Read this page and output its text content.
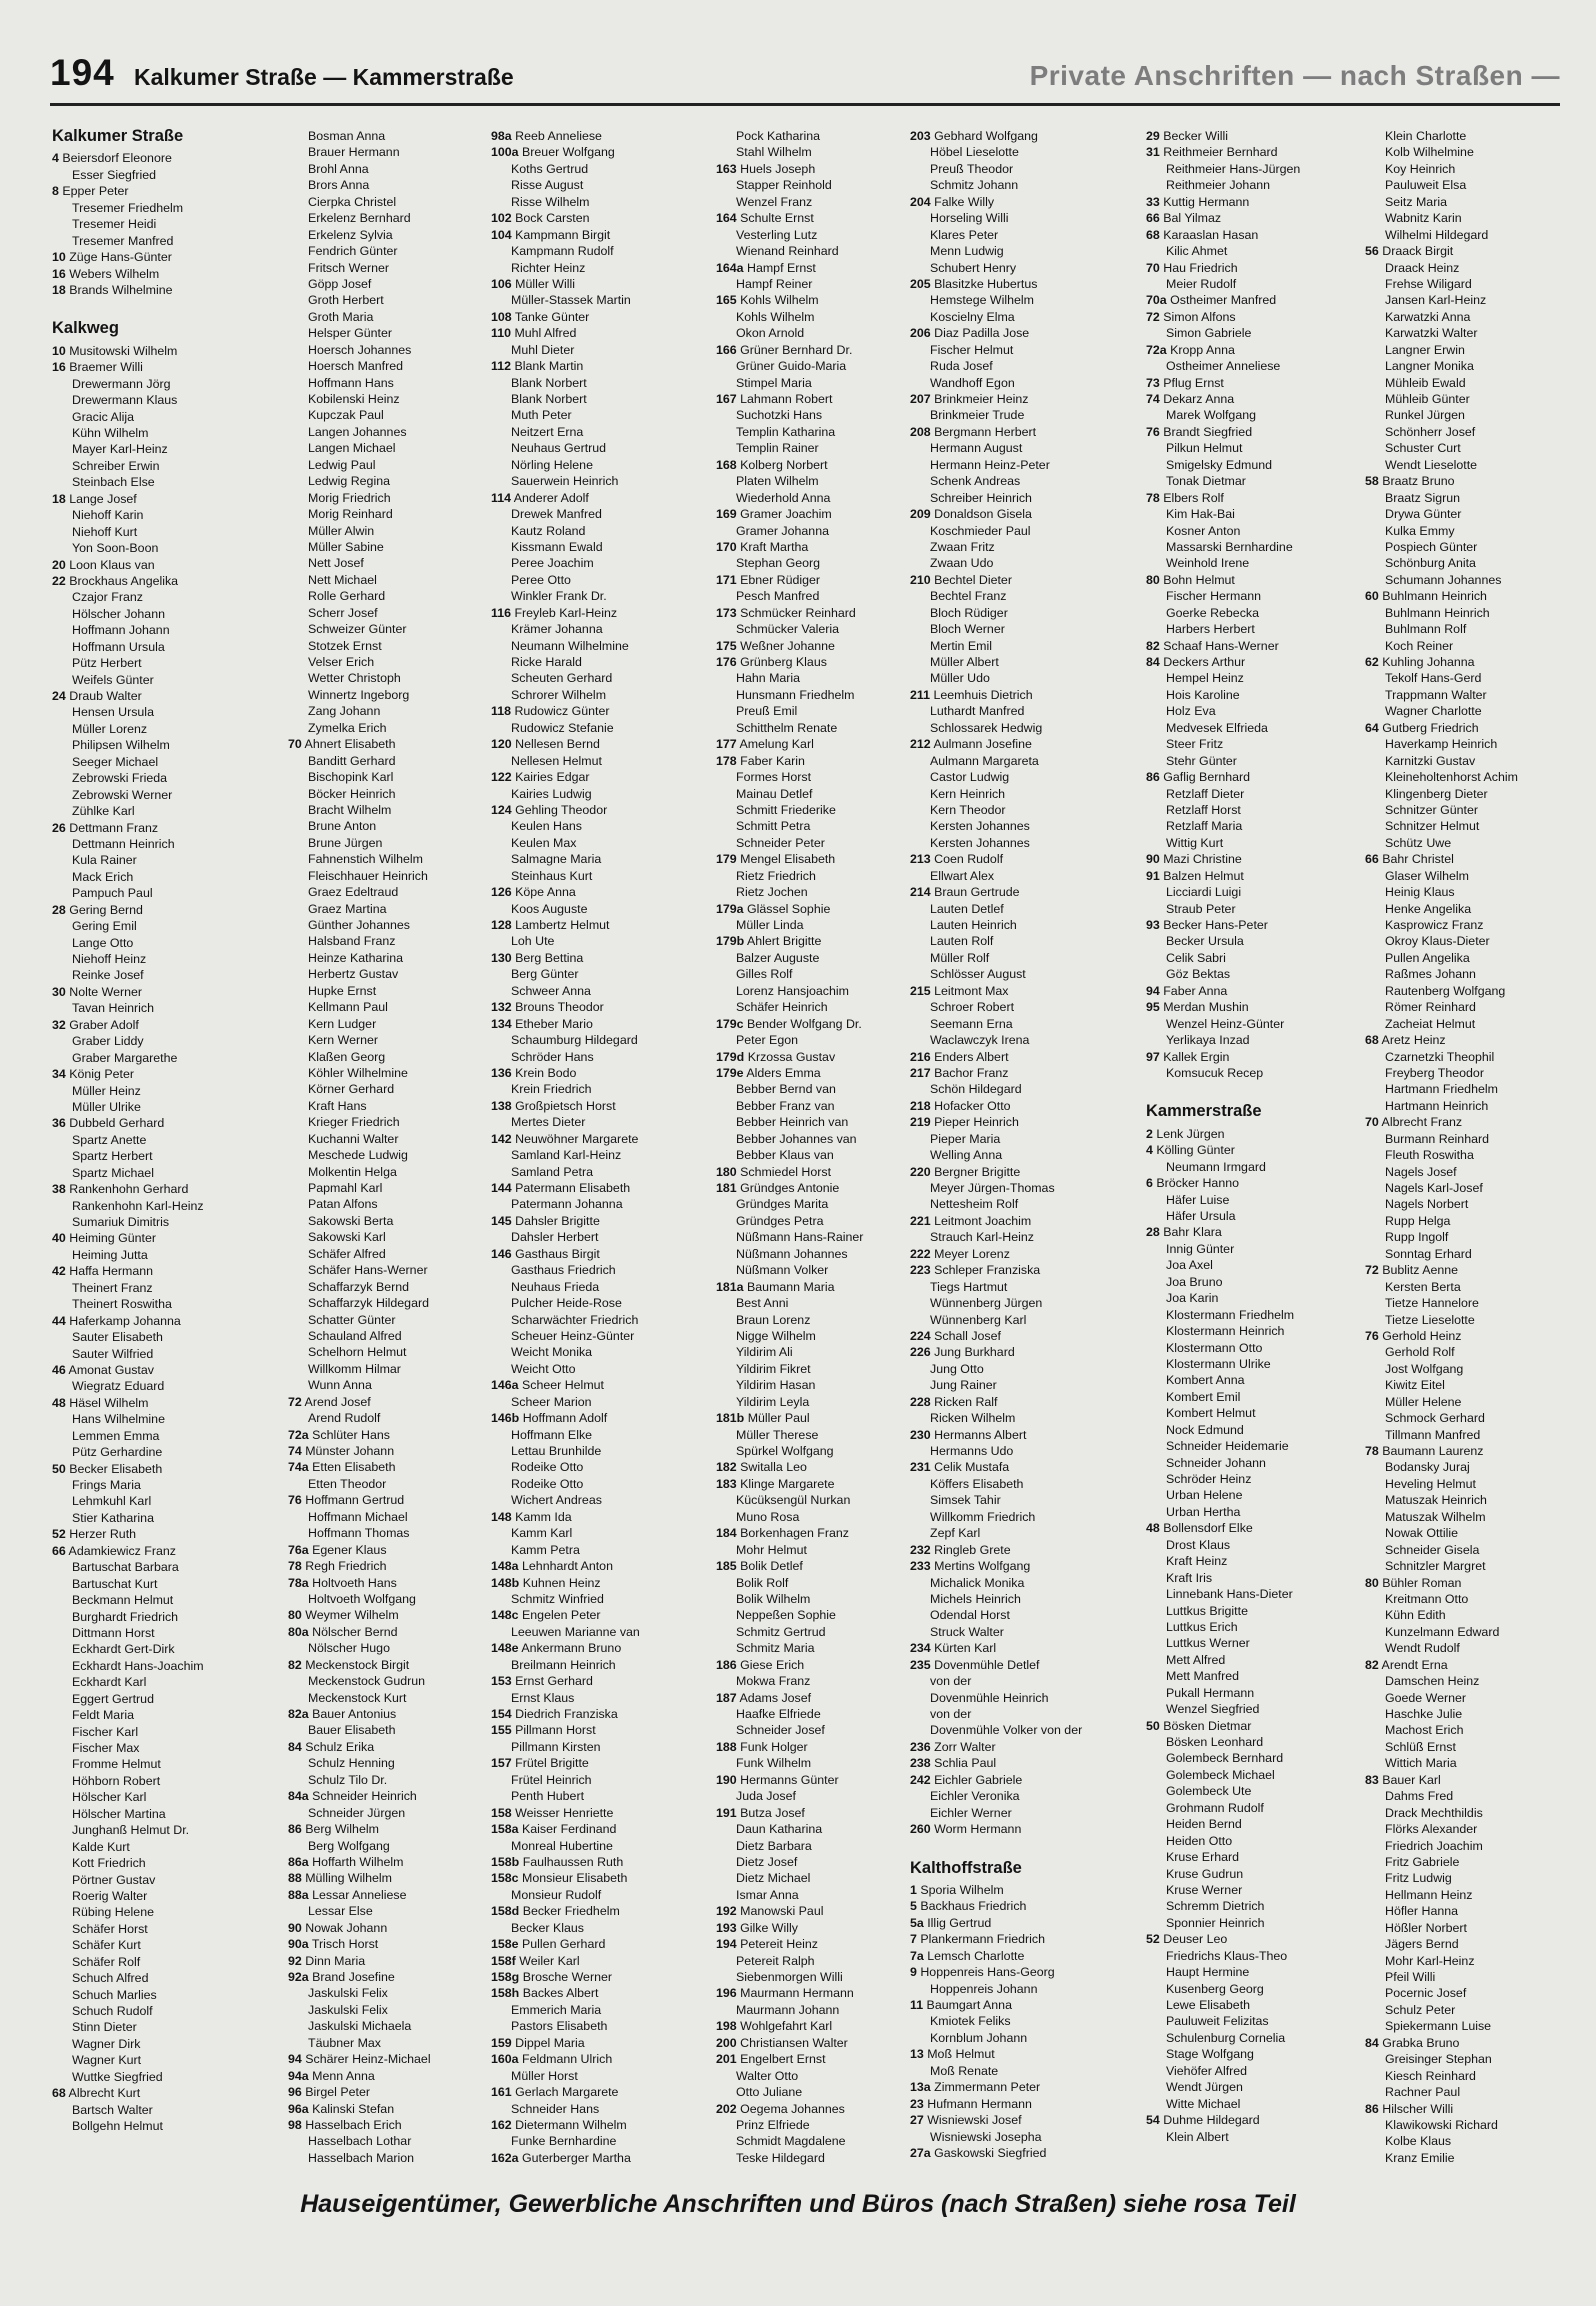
194 Kalkumer Straße — Kammerstraße	Private Anschriften — nach Straßen —
Kalkumer Straße
4 Beiersdorf Eleonore
Esser Siegfried
8 Epper Peter
Tresemer Friedhelm
Tresemer Heidi
Tresemer Manfred
10 Züge Hans-Günter
16 Webers Wilhelm
18 Brands Wilhelmine
Kalkweg
10 Musitowski Wilhelm
16 Braemer Willi
Drewermann Jörg
Drewermann Klaus
Gracic Alija
Kühn Wilhelm
Mayer Karl-Heinz
Schreiber Erwin
Steinbach Else
18 Lange Josef
Niehoff Karin
Niehoff Kurt
Yon Soon-Boon
20 Loon Klaus van
22 Brockhaus Angelika
Czajor Franz
Hölscher Johann
Hoffmann Johann
Hoffmann Ursula
Pütz Herbert
Weifels Günter
24 Draub Walter
Hensen Ursula
Müller Lorenz
Philipsen Wilhelm
Seeger Michael
Zebrowski Frieda
Zebrowski Werner
Zühlke Karl
26 Dettmann Franz
Dettmann Heinrich
Kula Rainer
Mack Erich
Pampuch Paul
28 Gering Bernd
Gering Emil
Lange Otto
Niehoff Heinz
Reinke Josef
30 Nolte Werner
Tavan Heinrich
32 Graber Adolf
Graber Liddy
Graber Margarethe
34 König Peter
Müller Heinz
Müller Ulrike
36 Dubbeld Gerhard
Spartz Anette
Spartz Herbert
Spartz Michael
38 Rankenhohn Gerhard
Rankenhohn Karl-Heinz
Sumariuk Dimitris
40 Heiming Günter
Heiming Jutta
42 Haffa Hermann
Theinert Franz
Theinert Roswitha
44 Haferkamp Johanna
Sauter Elisabeth
Sauter Wilfried
46 Amonat Gustav
Wiegratz Eduard
48 Häsel Wilhelm
Hans Wilhelmine
Lemmen Emma
Pütz Gerhardine
50 Becker Elisabeth
Frings Maria
Lehmkuhl Karl
Stier Katharina
52 Herzer Ruth
66 Adamkiewicz Franz
Bartuschat Barbara
Bartuschat Kurt
Beckmann Helmut
Burghardt Friedrich
Dittmann Horst
Eckhardt Gert-Dirk
Eckhardt Hans-Joachim
Eckhardt Karl
Eggert Gertrud
Feldt Maria
Fischer Karl
Fischer Max
Fromme Helmut
Höhborn Robert
Hölscher Karl
Hölscher Martina
Junghanß Helmut Dr.
Kalde Kurt
Kott Friedrich
Pörtner Gustav
Roerig Walter
Rübing Helene
Schäfer Horst
Schäfer Kurt
Schäfer Rolf
Schuch Alfred
Schuch Marlies
Schuch Rudolf
Stinn Dieter
Wagner Dirk
Wagner Kurt
Wuttke Siegfried
68 Albrecht Kurt
Bartsch Walter
Bollgehn Helmut
Bosman Anna
Brauer Hermann
Brohl Anna
Brors Anna
Cierpka Christel
Erkelenz Bernhard
Erkelenz Sylvia
Fendrich Günter
Fritsch Werner
Göpp Josef
Groth Herbert
Groth Maria
Helsper Günter
Hoersch Johannes
Hoersch Manfred
Hoffmann Hans
Kobilenski Heinz
Kupczak Paul
Langen Johannes
Langen Michael
Ledwig Paul
Ledwig Regina
Morig Friedrich
Morig Reinhard
Müller Alwin
Müller Sabine
Nett Josef
Nett Michael
Rolle Gerhard
Scherr Josef
Schweizer Günter
Stotzek Ernst
Velser Erich
Wetter Christoph
Winnertz Ingeborg
Zang Johann
Zymelka Erich
70 Ahnert Elisabeth
Banditt Gerhard
Bischopink Karl
Böcker Heinrich
Bracht Wilhelm
Brune Anton
Brune Jürgen
Fahnenstich Wilhelm
Fleischhauer Heinrich
Graez Edeltraud
Graez Martina
Günther Johannes
Halsband Franz
Heinze Katharina
Herbertz Gustav
Hupke Ernst
Kellmann Paul
Kern Ludger
Kern Werner
Klaßen Georg
Köhler Wilhelmine
Körner Gerhard
Kraft Hans
Krieger Friedrich
Kuchanni Walter
Meschede Ludwig
Molkentin Helga
Papmahl Karl
Patan Alfons
Sakowski Berta
Sakowski Karl
Schäfer Alfred
Schäfer Hans-Werner
Schaffarzyk Bernd
Schaffarzyk Hildegard
Schatter Günter
Schauland Alfred
Schelhorn Helmut
Willkomm Hilmar
Wunn Anna
72 Arend Josef
Arend Rudolf
72a Schlüter Hans
74 Münster Johann
74a Etten Elisabeth
Etten Theodor
76 Hoffmann Gertrud
Hoffmann Michael
Hoffmann Thomas
76a Egener Klaus
78 Regh Friedrich
78a Holtvoeth Hans
Holtvoeth Wolfgang
80 Weymer Wilhelm
80a Nölscher Bernd
Nölscher Hugo
82 Meckenstock Birgit
Meckenstock Gudrun
Meckenstock Kurt
82a Bauer Antonius
Bauer Elisabeth
84 Schulz Erika
Schulz Henning
Schulz Tilo Dr.
84a Schneider Heinrich
Schneider Jürgen
86 Berg Wilhelm
Berg Wolfgang
86a Hoffarth Wilhelm
88 Mülling Wilhelm
88a Lessar Anneliese
Lessar Else
90 Nowak Johann
90a Trisch Horst
92 Dinn Maria
92a Brand Josefine
Jaskulski Felix
Jaskulski Felix
Jaskulski Michaela
Täubner Max
94 Schärer Heinz-Michael
94a Menn Anna
96 Birgel Peter
96a Kalinski Stefan
98 Hasselbach Erich
Hasselbach Lothar
Hasselbach Marion
98a Reeb Anneliese
100a Breuer Wolfgang
Koths Gertrud
Risse August
Risse Wilhelm
102 Bock Carsten
104 Kampmann Birgit
Kampmann Rudolf
Richter Heinz
106 Müller Willi
Müller-Stassek Martin
108 Tanke Günter
110 Muhl Alfred
Muhl Dieter
112 Blank Martin
Blank Norbert
Blank Norbert
Muth Peter
Neitzert Erna
Neuhaus Gertrud
Nörling Helene
Sauerwein Heinrich
114 Anderer Adolf
Drewek Manfred
Kautz Roland
Kissmann Ewald
Peree Joachim
Peree Otto
Winkler Frank Dr.
116 Freyleb Karl-Heinz
Krämer Johanna
Neumann Wilhelmine
Ricke Harald
Scheuten Gerhard
Schrorer Wilhelm
118 Rudowicz Günter
Rudowicz Stefanie
120 Nellesen Bernd
Nellesen Helmut
122 Kairies Edgar
Kairies Ludwig
124 Gehling Theodor
Keulen Hans
Keulen Max
Salmagne Maria
Steinhaus Kurt
126 Köpe Anna
Koos Auguste
128 Lambertz Helmut
Loh Ute
130 Berg Bettina
Berg Günter
Schweer Anna
132 Brouns Theodor
134 Etheber Mario
Schaumburg Hildegard
Schröder Hans
136 Krein Bodo
Krein Friedrich
138 Großpietsch Horst
Mertes Dieter
142 Neuwöhner Margarete
Samland Karl-Heinz
Samland Petra
144 Patermann Elisabeth
Patermann Johanna
145 Dahsler Brigitte
Dahsler Herbert
146 Gasthaus Birgit
Gasthaus Friedrich
Neuhaus Frieda
Pulcher Heide-Rose
Scharwächter Friedrich
Scheuer Heinz-Günter
Weicht Monika
Weicht Otto
146a Scheer Helmut
Scheer Marion
146b Hoffmann Adolf
Hoffmann Elke
Lettau Brunhilde
Rodeike Otto
Rodeike Otto
Wichert Andreas
148 Kamm Ida
Kamm Karl
Kamm Petra
148a Lehnhardt Anton
148b Kuhnen Heinz
Schmitz Winfried
148c Engelen Peter
Leeuwen Marianne van
148e Ankermann Bruno
Breilmann Heinrich
153 Ernst Gerhard
Ernst Klaus
154 Diedrich Franziska
155 Pillmann Horst
Pillmann Kirsten
157 Frütel Brigitte
Frütel Heinrich
Penth Hubert
158 Weisser Henriette
158a Kaiser Ferdinand
Monreal Hubertine
158b Faulhaussen Ruth
158c Monsieur Elisabeth
Monsieur Rudolf
158d Becker Friedhelm
Becker Klaus
158e Pullen Gerhard
158f Weiler Karl
158g Brosche Werner
158h Backes Albert
Emmerich Maria
Pastors Elisabeth
159 Dippel Maria
160a Feldmann Ulrich
Müller Horst
161 Gerlach Margarete
Schneider Hans
162 Dietermann Wilhelm
Funke Bernhardine
162a Guterberger Martha
Pock Katharina
Stahl Wilhelm
163 Huels Joseph
Stapper Reinhold
Wenzel Franz
164 Schulte Ernst
Vesterling Lutz
Wienand Reinhard
164a Hampf Ernst
Hampf Reiner
165 Kohls Wilhelm
Kohls Wilhelm
Okon Arnold
166 Grüner Bernhard Dr.
Grüner Guido-Maria
Stimpel Maria
167 Lahmann Robert
Suchotzki Hans
Templin Katharina
Templin Rainer
168 Kolberg Norbert
Platen Wilhelm
Wiederhold Anna
169 Gramer Joachim
Gramer Johanna
170 Kraft Martha
Stephan Georg
171 Ebner Rüdiger
Pesch Manfred
173 Schmücker Reinhard
Schmücker Valeria
175 Weßner Johanne
176 Grünberg Klaus
Hahn Maria
Hunsmann Friedhelm
Preuß Emil
Schitthelm Renate
177 Amelung Karl
178 Faber Karin
Formes Horst
Mainau Detlef
Schmitt Friederike
Schmitt Petra
Schneider Peter
179 Mengel Elisabeth
Rietz Friedrich
Rietz Jochen
179a Glässel Sophie
Müller Linda
179b Ahlert Brigitte
Balzer Auguste
Gilles Rolf
Lorenz Hansjoachim
Schäfer Heinrich
179c Bender Wolfgang Dr.
Peter Egon
179d Krzossa Gustav
179e Alders Emma
Bebber Bernd van
Bebber Franz van
Bebber Heinrich van
Bebber Johannes van
Bebber Klaus van
180 Schmiedel Horst
181 Gründges Antonie
Gründges Marita
Gründges Petra
Nüßmann Hans-Rainer
Nüßmann Johannes
Nüßmann Volker
181a Baumann Maria
Best Anni
Braun Lorenz
Nigge Wilhelm
Yildirim Ali
Yildirim Fikret
Yildirim Hasan
Yildirim Leyla
181b Müller Paul
Müller Therese
Spürkel Wolfgang
182 Switalla Leo
183 Klinge Margarete
Kücüksengül Nurkan
Muno Rosa
184 Borkenhagen Franz
Mohr Helmut
185 Bolik Detlef
Bolik Rolf
Bolik Wilhelm
Neppeßen Sophie
Schmitz Gertrud
Schmitz Maria
186 Giese Erich
Mokwa Franz
187 Adams Josef
Haafke Elfriede
Schneider Josef
188 Funk Holger
Funk Wilhelm
190 Hermanns Günter
Juda Josef
191 Butza Josef
Daun Katharina
Dietz Barbara
Dietz Josef
Dietz Michael
Ismar Anna
192 Manowski Paul
193 Gilke Willy
194 Petereit Heinz
Petereit Ralph
Siebenmorgen Willi
196 Maurmann Hermann
Maurmann Johann
198 Wohlgefahrt Karl
200 Christiansen Walter
201 Engelbert Ernst
Walter Otto
Otto Juliane
202 Oegema Johannes
Prinz Elfriede
Schmidt Magdalene
Teske Hildegard
203 Gebhard Wolfgang
Höbel Lieselotte
Preuß Theodor
Schmitz Johann
204 Falke Willy
Horseling Willi
Klares Peter
Menn Ludwig
Schubert Henry
205 Blasitzke Hubertus
Hemstege Wilhelm
Koscielny Elma
206 Diaz Padilla Jose
Fischer Helmut
Ruda Josef
Wandhoff Egon
207 Brinkmeier Heinz
Brinkmeier Trude
208 Bergmann Herbert
Hermann August
Hermann Heinz-Peter
Schenk Andreas
Schreiber Heinrich
209 Donaldson Gisela
Koschmieder Paul
Zwaan Fritz
Zwaan Udo
210 Bechtel Dieter
Bechtel Franz
Bloch Rüdiger
Bloch Werner
Mertin Emil
Müller Albert
Müller Udo
211 Leemhuis Dietrich
Luthardt Manfred
Schlossarek Hedwig
212 Aulmann Josefine
Aulmann Margareta
Castor Ludwig
Kern Heinrich
Kern Theodor
Kersten Johannes
Kersten Johannes
213 Coen Rudolf
Ellwart Alex
214 Braun Gertrude
Lauten Detlef
Lauten Heinrich
Lauten Rolf
Müller Rolf
Schlösser August
215 Leitmont Max
Schroer Robert
Seemann Erna
Waclawczyk Irena
216 Enders Albert
217 Bachor Franz
Schön Hildegard
218 Hofacker Otto
219 Pieper Heinrich
Pieper Maria
Welling Anna
220 Bergner Brigitte
Meyer Jürgen-Thomas
Nettesheim Rolf
221 Leitmont Joachim
Strauch Karl-Heinz
222 Meyer Lorenz
223 Schleper Franziska
Tiegs Hartmut
Wünnenberg Jürgen
Wünnenberg Karl
224 Schall Josef
226 Jung Burkhard
Jung Otto
Jung Rainer
228 Ricken Ralf
Ricken Wilhelm
230 Hermanns Albert
Hermanns Udo
231 Celik Mustafa
Köffers Elisabeth
Simsek Tahir
Willkomm Friedrich
Zepf Karl
232 Ringleb Grete
233 Mertins Wolfgang
Michalick Monika
Michels Heinrich
Odendal Horst
Struck Walter
234 Kürten Karl
235 Dovenmühle Detlef
von der
Dovenmühle Heinrich
von der
Dovenmühle Volker von der
236 Zorr Walter
238 Schlia Paul
242 Eichler Gabriele
Eichler Veronika
Eichler Werner
260 Worm Hermann
Kalthoffstraße
1 Sporia Wilhelm
5 Backhaus Friedrich
5a Illig Gertrud
7 Plankermann Friedrich
7a Lemsch Charlotte
9 Hoppenreis Hans-Georg
Hoppenreis Johann
11 Baumgart Anna
Kmiotek Feliks
Kornblum Johann
13 Moß Helmut
Moß Renate
13a Zimmermann Peter
23 Hufmann Hermann
27 Wisniewski Josef
Wisniewski Josepha
27a Gaskowski Siegfried
29 Becker Willi
31 Reithmeier Bernhard
Reithmeier Hans-Jürgen
Reithmeier Johann
33 Kuttig Hermann
66 Bal Yilmaz
68 Karaaslan Hasan
Kilic Ahmet
70 Hau Friedrich
Meier Rudolf
70a Ostheimer Manfred
72 Simon Alfons
Simon Gabriele
72a Kropp Anna
Ostheimer Anneliese
73 Pflug Ernst
74 Dekarz Anna
Marek Wolfgang
76 Brandt Siegfried
Pilkun Helmut
Smigelsky Edmund
Tonak Dietmar
78 Elbers Rolf
Kim Hak-Bai
Kosner Anton
Massarski Bernhardine
Weinhold Irene
80 Bohn Helmut
Fischer Hermann
Goerke Rebecka
Harbers Herbert
82 Schaaf Hans-Werner
84 Deckers Arthur
Hempel Heinz
Hois Karoline
Holz Eva
Medvesek Elfrieda
Steer Fritz
Stehr Günter
86 Gaflig Bernhard
Retzlaff Dieter
Retzlaff Horst
Retzlaff Maria
Wittig Kurt
90 Mazi Christine
91 Balzen Helmut
Licciardi Luigi
Straub Peter
93 Becker Hans-Peter
Becker Ursula
Celik Sabri
Göz Bektas
94 Faber Anna
95 Merdan Mushin
Wenzel Heinz-Günter
Yerlikaya Inzad
97 Kallek Ergin
Komsucuk Recep
Kammerstraße
2 Lenk Jürgen
4 Kölling Günter
Neumann Irmgard
6 Bröcker Hanno
Häfer Luise
Häfer Ursula
28 Bahr Klara
Innig Günter
Joa Axel
Joa Bruno
Joa Karin
Klostermann Friedhelm
Klostermann Heinrich
Klostermann Otto
Klostermann Ulrike
Kombert Anna
Kombert Emil
Kombert Helmut
Nock Edmund
Schneider Heidemarie
Schneider Johann
Schröder Heinz
Urban Helene
Urban Hertha
48 Bollensdorf Elke
Drost Klaus
Kraft Heinz
Kraft Iris
Linnebank Hans-Dieter
Luttkus Brigitte
Luttkus Erich
Luttkus Werner
Mett Alfred
Mett Manfred
Pukall Hermann
Wenzel Siegfried
50 Bösken Dietmar
Bösken Leonhard
Golembeck Bernhard
Golembeck Michael
Golembeck Ute
Grohmann Rudolf
Heiden Bernd
Heiden Otto
Kruse Erhard
Kruse Gudrun
Kruse Werner
Schremm Dietrich
Sponnier Heinrich
52 Deuser Leo
Friedrichs Klaus-Theo
Haupt Hermine
Kusenberg Georg
Lewe Elisabeth
Pauluweit Felizitas
Schulenburg Cornelia
Stage Wolfgang
Viehöfer Alfred
Wendt Jürgen
Witte Michael
54 Duhme Hildegard
Klein Albert
Klein Charlotte
Kolb Wilhelmine
Koy Heinrich
Pauluweit Elsa
Seitz Maria
Wabnitz Karin
Wilhelmi Hildegard
56 Draack Birgit
Draack Heinz
Frehse Wiligard
Jansen Karl-Heinz
Karwatzki Anna
Karwatzki Walter
Langner Erwin
Langner Monika
Mühleib Ewald
Mühleib Günter
Runkel Jürgen
Schönherr Josef
Schuster Curt
Wendt Lieselotte
58 Braatz Bruno
Braatz Sigrun
Drywa Günter
Kulka Emmy
Pospiech Günter
Schönburg Anita
Schumann Johannes
60 Buhlmann Heinrich
Buhlmann Heinrich
Buhlmann Rolf
Koch Reiner
62 Kuhling Johanna
Tekolf Hans-Gerd
Trappmann Walter
Wagner Charlotte
64 Gutberg Friedrich
Haverkamp Heinrich
Karnitzki Gustav
Kleineholtenhorst Achim
Klingenberg Dieter
Schnitzer Günter
Schnitzer Helmut
Schütz Uwe
66 Bahr Christel
Glaser Wilhelm
Heinig Klaus
Henke Angelika
Kasprowicz Franz
Okroy Klaus-Dieter
Pullen Angelika
Raßmes Johann
Rautenberg Wolfgang
Römer Reinhard
Zacheiat Helmut
68 Aretz Heinz
Czarnetzki Theophil
Freyberg Theodor
Hartmann Friedhelm
Hartmann Heinrich
70 Albrecht Franz
Burmann Reinhard
Fleuth Roswitha
Nagels Josef
Nagels Karl-Josef
Nagels Norbert
Rupp Helga
Rupp Ingolf
Sonntag Erhard
72 Bublitz Aenne
Kersten Berta
Tietze Hannelore
Tietze Lieselotte
76 Gerhold Heinz
Gerhold Rolf
Jost Wolfgang
Kiwitz Eitel
Müller Helene
Schmock Gerhard
Tillmann Manfred
78 Baumann Laurenz
Bodansky Juraj
Heveling Helmut
Matuszak Heinrich
Matuszak Wilhelm
Nowak Ottilie
Schneider Gisela
Schnitzler Margret
80 Bühler Roman
Kreitmann Otto
Kühn Edith
Kunzelmann Edward
Wendt Rudolf
82 Arendt Erna
Damschen Heinz
Goede Werner
Haschke Julie
Machost Erich
Schlüß Ernst
Wittich Maria
83 Bauer Karl
Dahms Fred
Drack Mechthildis
Flörks Alexander
Friedrich Joachim
Fritz Gabriele
Fritz Ludwig
Hellmann Heinz
Höfler Hanna
Hößler Norbert
Jägers Bernd
Mohr Karl-Heinz
Pfeil Willi
Pocernic Josef
Schulz Peter
Spiekermann Luise
84 Grabka Bruno
Greisinger Stephan
Kiesch Reinhard
Rachner Paul
86 Hilscher Willi
Klawikowski Richard
Kolbe Klaus
Kranz Emilie
Hauseigentümer, Gewerbliche Anschriften und Büros (nach Straßen) siehe rosa Teil
